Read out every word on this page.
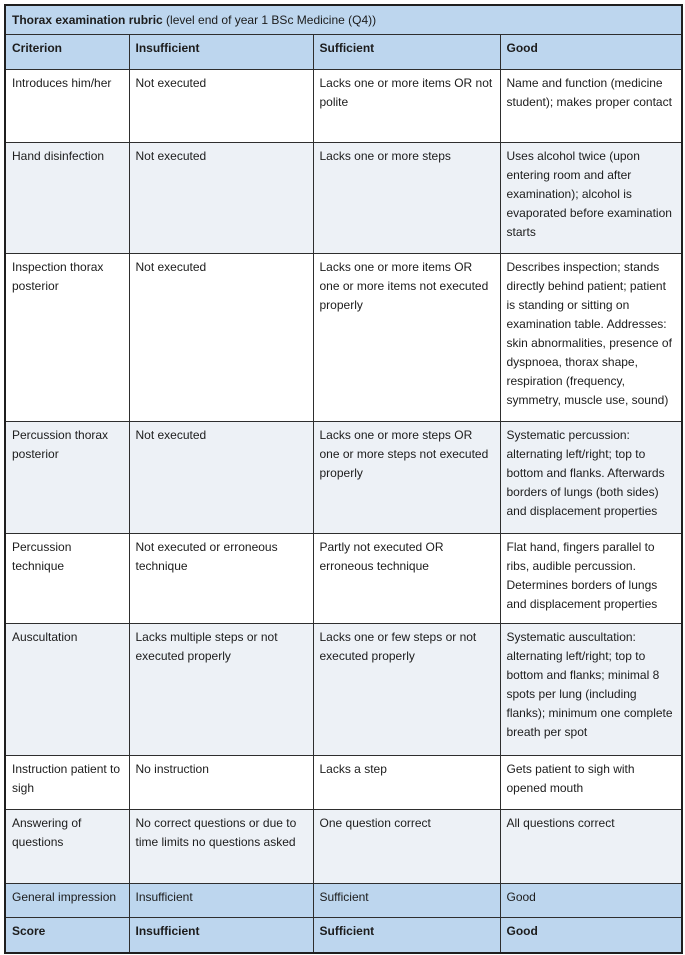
Thorax examination rubric (level end of year 1 BSc Medicine (Q4))			
Criterion	Insufficient	Sufficient	Good
Introduces him/her	Not executed	Lacks one or more items OR not polite	Name and function (medicine student); makes proper contact
Hand disinfection	Not executed	Lacks one or more steps	Uses alcohol twice (upon entering room and after examination); alcohol is evaporated before examination starts
Inspection thorax posterior	Not executed	Lacks one or more items OR one or more items not executed properly	Describes inspection; stands directly behind patient; patient is standing or sitting on examination table. Addresses: skin abnormalities, presence of dyspnoea, thorax shape, respiration (frequency, symmetry, muscle use, sound)
Percussion thorax posterior	Not executed	Lacks one or more steps OR one or more steps not executed properly	Systematic percussion: alternating left/right; top to bottom and flanks. Afterwards borders of lungs (both sides) and displacement properties
Percussion technique	Not executed or erroneous technique	Partly not executed OR erroneous technique	Flat hand, fingers parallel to ribs, audible percussion. Determines borders of lungs and displacement properties
Auscultation	Lacks multiple steps or not executed properly	Lacks one or few steps or not executed properly	Systematic auscultation: alternating left/right; top to bottom and flanks; minimal 8 spots per lung (including flanks); minimum one complete breath per spot
Instruction patient to sigh	No instruction	Lacks a step	Gets patient to sigh with opened mouth
Answering of questions	No correct questions or due to time limits no questions asked	One question correct	All questions correct
General impression	Insufficient	Sufficient	Good
Score	Insufficient	Sufficient	Good
